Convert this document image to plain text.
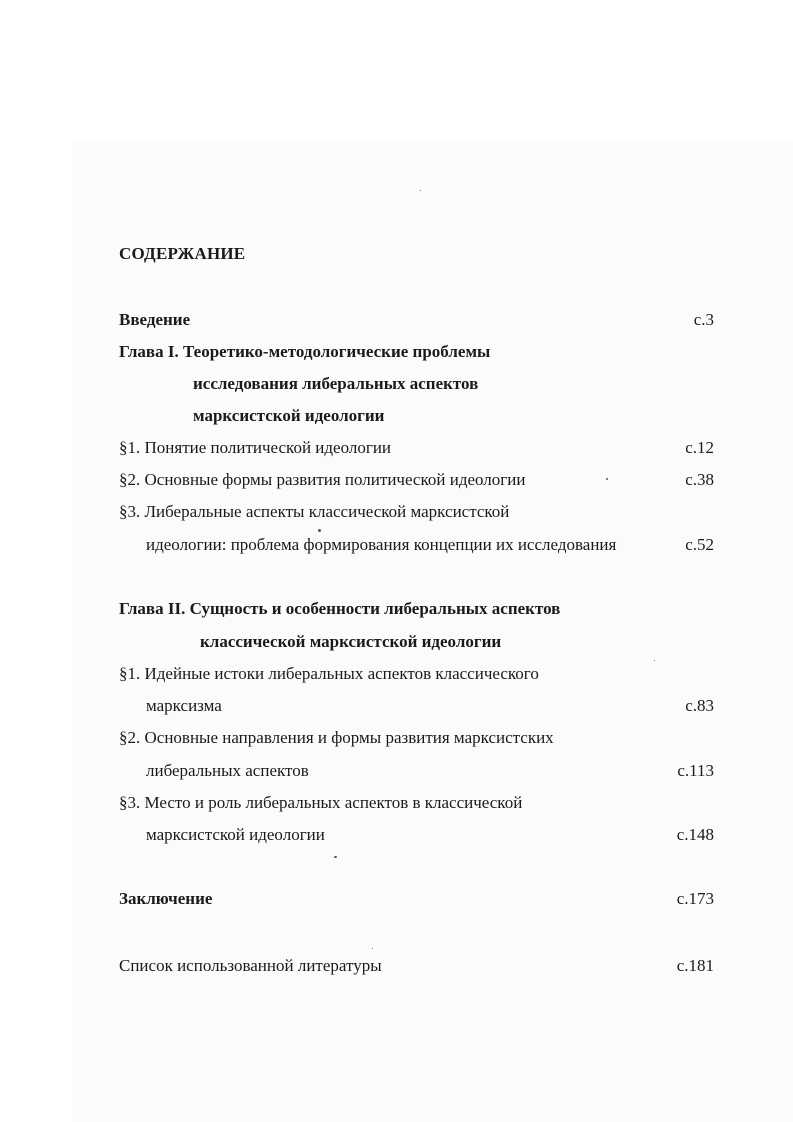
СОДЕРЖАНИЕ
Введение	с.3
Глава I. Теоретико-методологические проблемы
исследования либеральных аспектов
марксистской идеологии
§1. Понятие политической идеологии	с.12
§2. Основные формы развития политической идеологии	с.38
§3. Либеральные аспекты классической марксистской
идеологии: проблема формирования концепции их исследования	с.52
Глава II. Сущность и особенности либеральных аспектов
классической марксистской идеологии
§1. Идейные истоки либеральных аспектов классического
марксизма	с.83
§2. Основные направления и формы развития марксистских
либеральных аспектов	с.113
§3. Место и роль либеральных аспектов в классической
марксистской идеологии	с.148
Заключение	с.173
Список использованной литературы	с.181
